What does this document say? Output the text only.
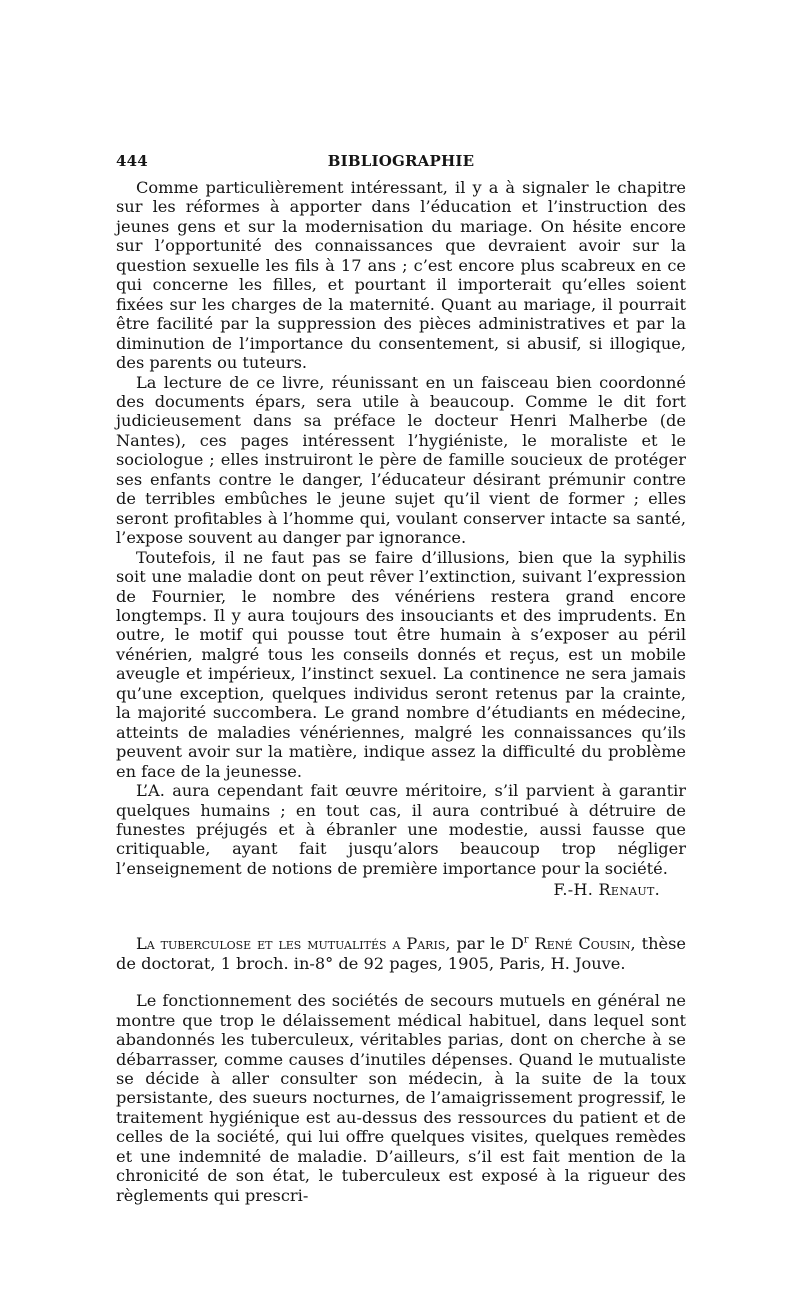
444	BIBLIOGRAPHIE

Comme particulièrement intéressant, il y a à signaler le chapitre sur les réformes à apporter dans l’éducation et l’instruction des jeunes gens et sur la modernisation du mariage. On hésite encore sur l’opportunité des connaissances que devraient avoir sur la question sexuelle les fils à 17 ans ; c’est encore plus scabreux en ce qui concerne les filles, et pourtant il importerait qu’elles soient fixées sur les charges de la maternité. Quant au mariage, il pourrait être facilité par la suppression des pièces administratives et par la diminution de l’importance du consentement, si abusif, si illogique, des parents ou tuteurs.

La lecture de ce livre, réunissant en un faisceau bien coordonné des documents épars, sera utile à beaucoup. Comme le dit fort judicieusement dans sa préface le docteur Henri Malherbe (de Nantes), ces pages intéressent l’hygiéniste, le moraliste et le sociologue ; elles instruiront le père de famille soucieux de protéger ses enfants contre le danger, l’éducateur désirant prémunir contre de terribles embûches le jeune sujet qu’il vient de former ; elles seront profitables à l’homme qui, voulant conserver intacte sa santé, l’expose souvent au danger par ignorance.

Toutefois, il ne faut pas se faire d’illusions, bien que la syphilis soit une maladie dont on peut rêver l’extinction, suivant l’expression de Fournier, le nombre des vénériens restera grand encore longtemps. Il y aura toujours des insouciants et des imprudents. En outre, le motif qui pousse tout être humain à s’exposer au péril vénérien, malgré tous les conseils donnés et reçus, est un mobile aveugle et impérieux, l’instinct sexuel. La continence ne sera jamais qu’une exception, quelques individus seront retenus par la crainte, la majorité succombera. Le grand nombre d’étudiants en médecine, atteints de maladies vénériennes, malgré les connaissances qu’ils peuvent avoir sur la matière, indique assez la difficulté du problème en face de la jeunesse.

L’A. aura cependant fait œuvre méritoire, s’il parvient à garantir quelques humains ; en tout cas, il aura contribué à détruire de funestes préjugés et à ébranler une modestie, aussi fausse que critiquable, ayant fait jusqu’alors beaucoup trop négliger l’enseignement de notions de première importance pour la société.

F.-H. Renaut.

La tuberculose et les mutualités a Paris, par le $D^r$ René Cousin, thèse de doctorat, 1 broch. in-8° de 92 pages, 1905, Paris, H. Jouve.

Le fonctionnement des sociétés de secours mutuels en général ne montre que trop le délaissement médical habituel, dans lequel sont abandonnés les tuberculeux, véritables parias, dont on cherche à se débarrasser, comme causes d’inutiles dépenses. Quand le mutualiste se décide à aller consulter son médecin, à la suite de la toux persistante, des sueurs nocturnes, de l’amaigrissement progressif, le traitement hygiénique est au-dessus des ressources du patient et de celles de la société, qui lui offre quelques visites, quelques remèdes et une indemnité de maladie. D’ailleurs, s’il est fait mention de la chronicité de son état, le tuberculeux est exposé à la rigueur des règlements qui prescri-
